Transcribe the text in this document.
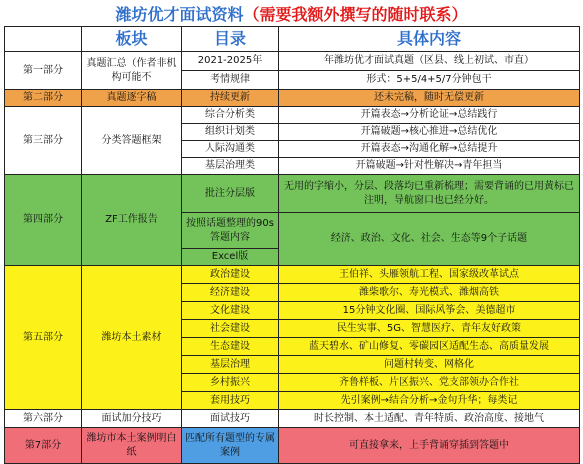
潍坊优才面试资料 （需要我额外撰写的随时联系）
	板块	目录	具体内容
第一部分	真题汇总（作者非机构可能不	2021-2025年	年潍坊优才面试真题（区县、线上初试、市直）
		考情规律	形式：5+5/4+5/7分钟包干
第二部分	真题逐字稿	持续更新	还未完稿，随时无偿更新
第三部分	分类答题框架	综合分析类	开篇表态→分析论证→总结践行
		组织计划类	开篇破题→核心推进→总结优化
		人际沟通类	开篇表态→沟通化解→总结提升
		基层治理类	开篇破题→针对性解决→青年担当
第四部分	ZF工作报告	批注分层版	无用的字缩小，分层、段落均已重新梳理；需要背诵的已用黄标已注明，导航窗口也已经分好。
		按照话题整理的90s答题内容	经济、政治、文化、社会、生态等9个子话题
		Excel版	
第五部分	潍坊本土素材	政治建设	王伯祥、头雁领航工程、国家级改革试点
		经济建设	潍柴歌尔、寿光模式、潍烟高铁
		文化建设	15分钟文化圈、国际风筝会、美德超市
		社会建设	民生实事、5G、智慧医疗、青年友好政策
		生态建设	蓝天碧水、矿山修复、零碳园区适配生态、高质量发展
		基层治理	问题村转变、网格化
		乡村振兴	齐鲁样板、片区振兴、党支部领办合作社
		套用技巧	先引案例→结合分析→金句升华；每类记
第六部分	面试加分技巧	面试技巧	时长控制、本土适配、青年特质、政治高度、接地气
第7部分	潍坊市本土案例明白纸	匹配所有题型的专属案例	可直接拿来，上手背诵穿插到答题中
